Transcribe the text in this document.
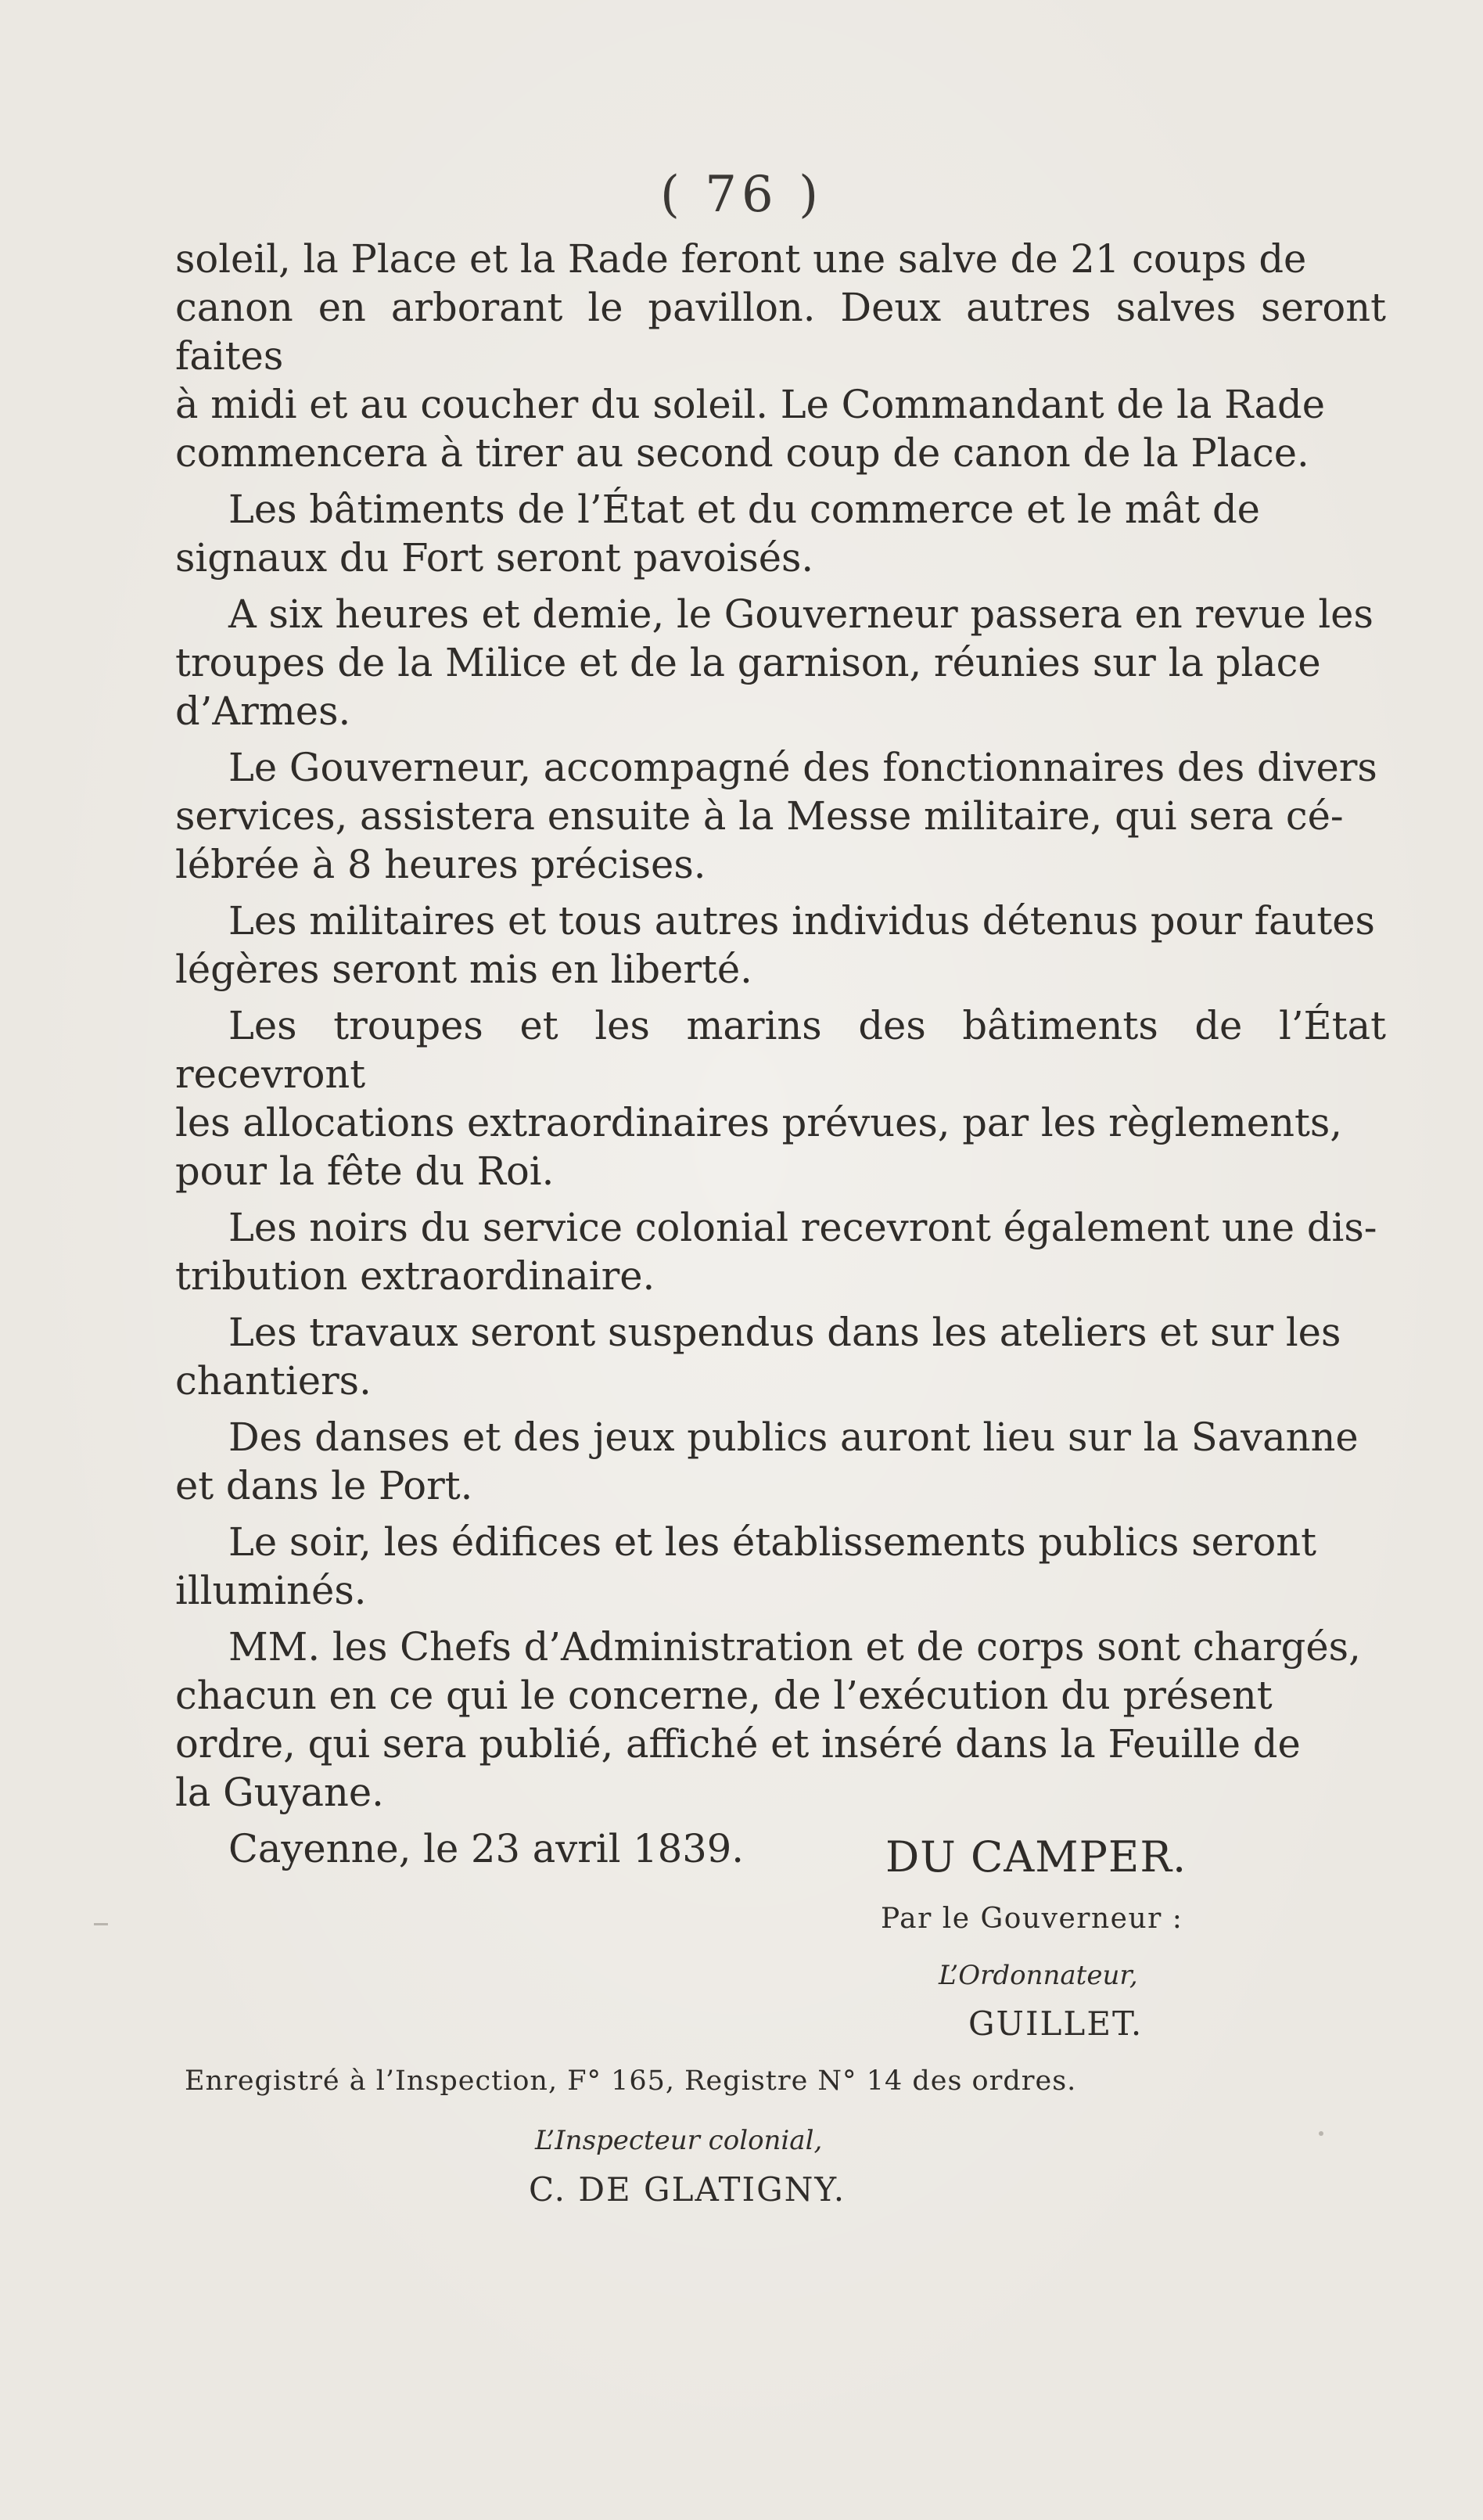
( 76 )

soleil, la Place et la Rade feront une salve de 21 coups de
canon en arborant le pavillon. Deux autres salves seront faites
à midi et au coucher du soleil. Le Commandant de la Rade
commencera à tirer au second coup de canon de la Place.

Les bâtiments de l’État et du commerce et le mât de
signaux du Fort seront pavoisés.

A six heures et demie, le Gouverneur passera en revue les
troupes de la Milice et de la garnison, réunies sur la place
d’Armes.

Le Gouverneur, accompagné des fonctionnaires des divers
services, assistera ensuite à la Messe militaire, qui sera cé-
lébrée à 8 heures précises.

Les militaires et tous autres individus détenus pour fautes
légères seront mis en liberté.

Les troupes et les marins des bâtiments de l’État recevront
les allocations extraordinaires prévues, par les règlements,
pour la fête du Roi.

Les noirs du service colonial recevront également une dis-
tribution extraordinaire.

Les travaux seront suspendus dans les ateliers et sur les
chantiers.

Des danses et des jeux publics auront lieu sur la Savanne
et dans le Port.

Le soir, les édifices et les établissements publics seront
illuminés.

MM. les Chefs d’Administration et de corps sont chargés,
chacun en ce qui le concerne, de l’exécution du présent
ordre, qui sera publié, affiché et inséré dans la Feuille de
la Guyane.

Cayenne, le 23 avril 1839.	DU CAMPER.
Par le Gouverneur :
L’Ordonnateur,
GUILLET.
Enregistré à l’Inspection, F° 165, Registre N° 14 des ordres.
L’Inspecteur colonial,
C. DE GLATIGNY.
